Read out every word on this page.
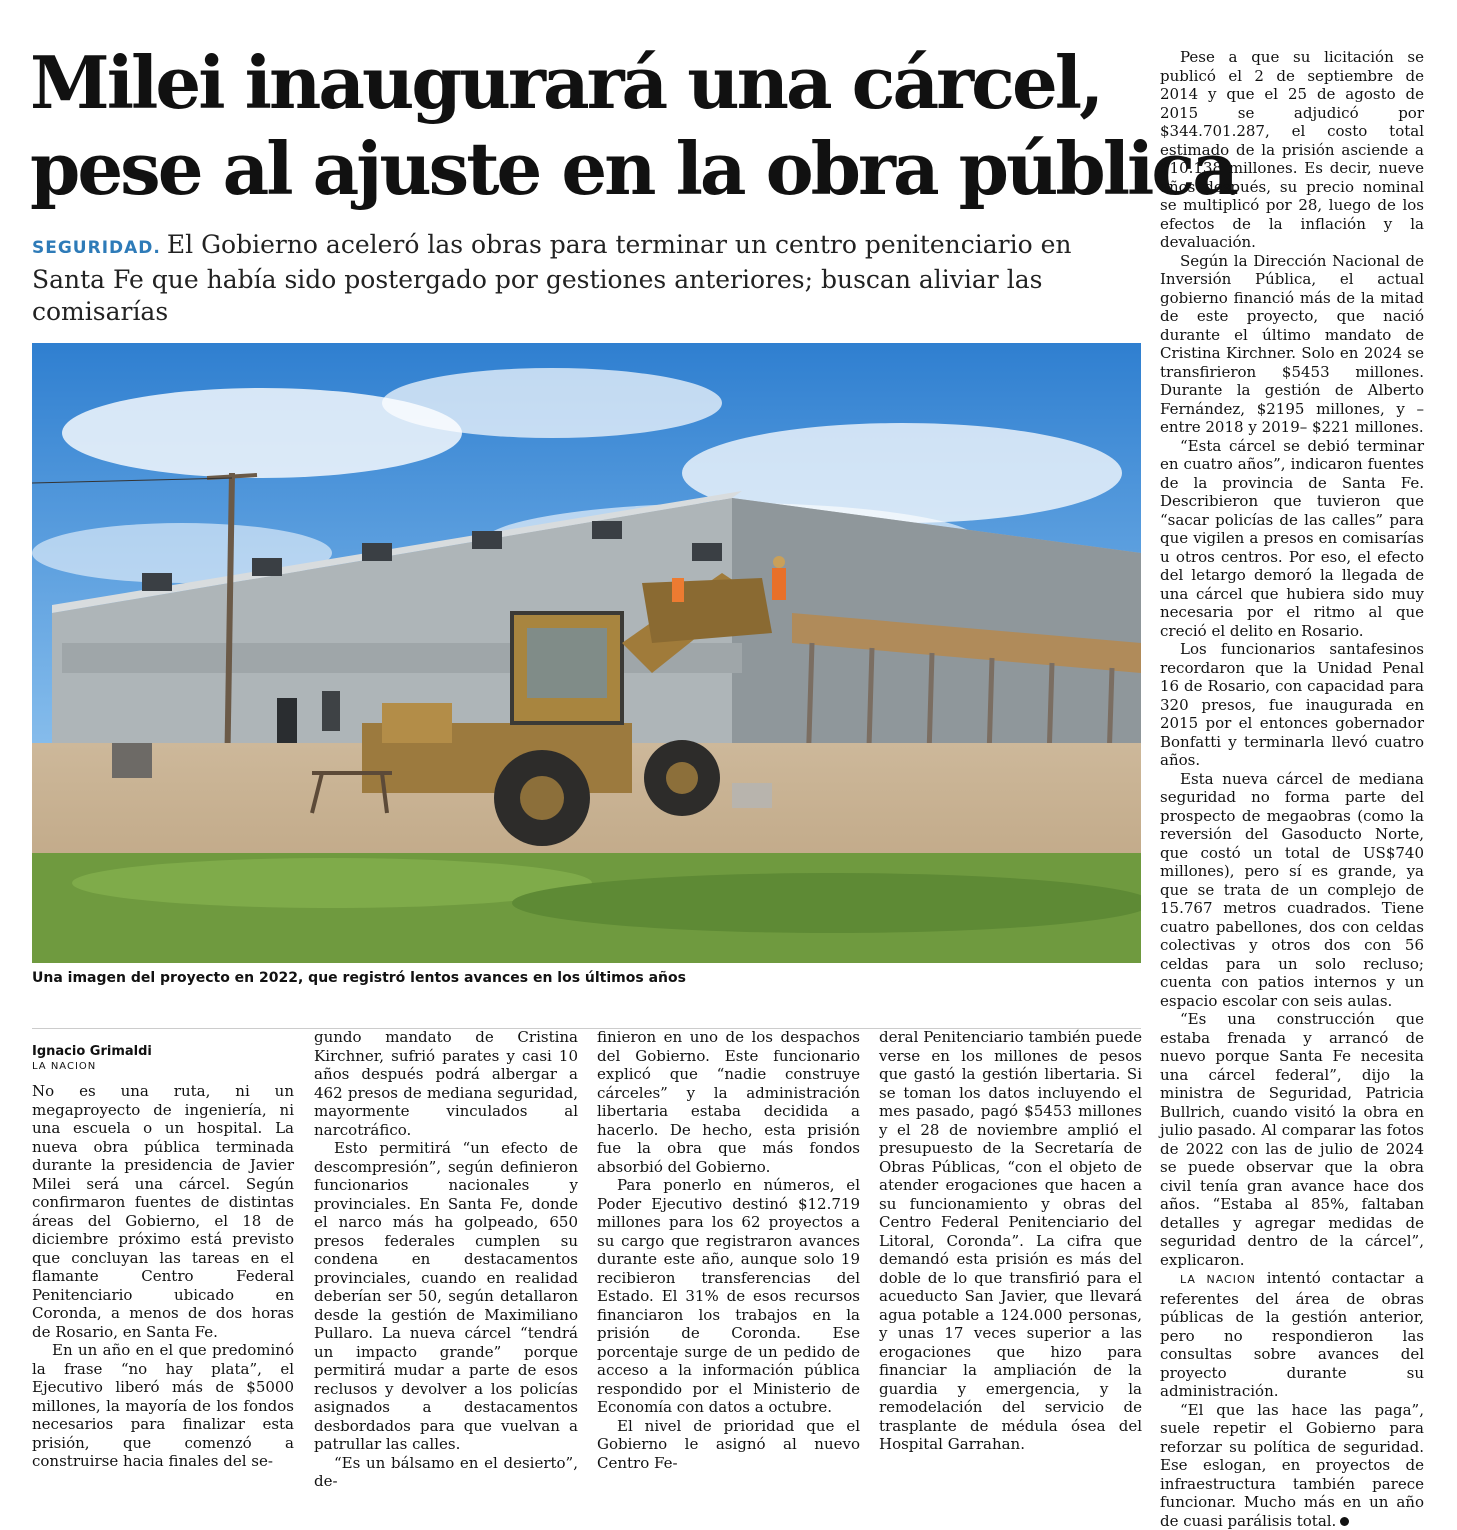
Milei inaugurará una cárcel,
pese al ajuste en la obra pública
SEGURIDAD. El Gobierno aceleró las obras para terminar un centro penitenciario en Santa Fe que había sido postergado por gestiones anteriores; buscan aliviar las comisarías
Una imagen del proyecto en 2022, que registró lentos avances en los últimos años
Ignacio Grimaldi
LA NACION

No es una ruta, ni un megaproyecto de ingeniería, ni una escuela o un hospital. La nueva obra pública terminada durante la presidencia de Javier Milei será una cárcel. Según confirmaron fuentes de distintas áreas del Gobierno, el 18 de diciembre próximo está previsto que concluyan las tareas en el flamante Centro Federal Penitenciario ubicado en Coronda, a menos de dos horas de Rosario, en Santa Fe.

En un año en el que predominó la frase “no hay plata”, el Ejecutivo liberó más de $5000 millones, la mayoría de los fondos necesarios para finalizar esta prisión, que comenzó a construirse hacia finales del se-

gundo mandato de Cristina Kirchner, sufrió parates y casi 10 años después podrá albergar a 462 presos de mediana seguridad, mayormente vinculados al narcotráfico.

Esto permitirá “un efecto de descompresión”, según definieron funcionarios nacionales y provinciales. En Santa Fe, donde el narco más ha golpeado, 650 presos federales cumplen su condena en destacamentos provinciales, cuando en realidad deberían ser 50, según detallaron desde la gestión de Maximiliano Pullaro. La nueva cárcel “tendrá un impacto grande” porque permitirá mudar a parte de esos reclusos y devolver a los policías asignados a destacamentos desbordados para que vuelvan a patrullar las calles.

“Es un bálsamo en el desierto”, de-

finieron en uno de los despachos del Gobierno. Este funcionario explicó que “nadie construye cárceles” y la administración libertaria estaba decidida a hacerlo. De hecho, esta prisión fue la obra que más fondos absorbió del Gobierno.

Para ponerlo en números, el Poder Ejecutivo destinó $12.719 millones para los 62 proyectos a su cargo que registraron avances durante este año, aunque solo 19 recibieron transferencias del Estado. El 31% de esos recursos financiaron los trabajos en la prisión de Coronda. Ese porcentaje surge de un pedido de acceso a la información pública respondido por el Ministerio de Economía con datos a octubre.

El nivel de prioridad que el Gobierno le asignó al nuevo Centro Fe-

deral Penitenciario también puede verse en los millones de pesos que gastó la gestión libertaria. Si se toman los datos incluyendo el mes pasado, pagó $5453 millones y el 28 de noviembre amplió el presupuesto de la Secretaría de Obras Públicas, “con el objeto de atender erogaciones que hacen a su funcionamiento y obras del Centro Federal Penitenciario del Litoral, Coronda”. La cifra que demandó esta prisión es más del doble de lo que transfirió para el acueducto San Javier, que llevará agua potable a 124.000 personas, y unas 17 veces superior a las erogaciones que hizo para financiar la ampliación de la guardia y emergencia, y la remodelación del servicio de trasplante de médula ósea del Hospital Garrahan.

Pese a que su licitación se publicó el 2 de septiembre de 2014 y que el 25 de agosto de 2015 se adjudicó por $344.701.287, el costo total estimado de la prisión asciende a $10.138 millones. Es decir, nueve años después, su precio nominal se multiplicó por 28, luego de los efectos de la inflación y la devaluación.

Según la Dirección Nacional de Inversión Pública, el actual gobierno financió más de la mitad de este proyecto, que nació durante el último mandato de Cristina Kirchner. Solo en 2024 se transfirieron $5453 millones. Durante la gestión de Alberto Fernández, $2195 millones, y –entre 2018 y 2019– $221 millones.

“Esta cárcel se debió terminar en cuatro años”, indicaron fuentes de la provincia de Santa Fe. Describieron que tuvieron que “sacar policías de las calles” para que vigilen a presos en comisarías u otros centros. Por eso, el efecto del letargo demoró la llegada de una cárcel que hubiera sido muy necesaria por el ritmo al que creció el delito en Rosario.

Los funcionarios santafesinos recordaron que la Unidad Penal 16 de Rosario, con capacidad para 320 presos, fue inaugurada en 2015 por el entonces gobernador Bonfatti y terminarla llevó cuatro años.

Esta nueva cárcel de mediana seguridad no forma parte del prospecto de megaobras (como la reversión del Gasoducto Norte, que costó un total de US$740 millones), pero sí es grande, ya que se trata de un complejo de 15.767 metros cuadrados. Tiene cuatro pabellones, dos con celdas colectivas y otros dos con 56 celdas para un solo recluso; cuenta con patios internos y un espacio escolar con seis aulas.

“Es una construcción que estaba frenada y arrancó de nuevo porque Santa Fe necesita una cárcel federal”, dijo la ministra de Seguridad, Patricia Bullrich, cuando visitó la obra en julio pasado. Al comparar las fotos de 2022 con las de julio de 2024 se puede observar que la obra civil tenía gran avance hace dos años. “Estaba al 85%, faltaban detalles y agregar medidas de seguridad dentro de la cárcel”, explicaron.

LA NACION intentó contactar a referentes del área de obras públicas de la gestión anterior, pero no respondieron las consultas sobre avances del proyecto durante su administración.

“El que las hace las paga”, suele repetir el Gobierno para reforzar su política de seguridad. Ese eslogan, en proyectos de infraestructura también parece funcionar. Mucho más en un año de cuasi parálisis total.
